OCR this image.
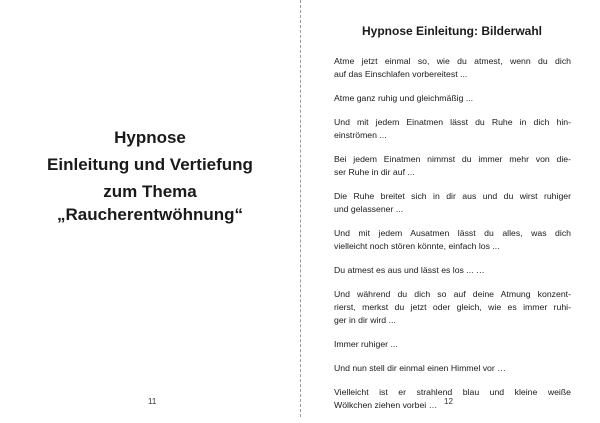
Hypnose
Einleitung und Vertiefung
zum Thema
„Raucherentwöhnung“
11
Hypnose Einleitung: Bilderwahl

Atme jetzt einmal so, wie du atmest, wenn du dich
auf das Einschlafen vorbereitest ...

Atme ganz ruhig und gleichmäßig ...

Und mit jedem Einatmen lässt du Ruhe in dich hin-
einströmen ...

Bei jedem Einatmen nimmst du immer mehr von die-
ser Ruhe in dir auf ...

Die Ruhe breitet sich in dir aus und du wirst ruhiger
und gelassener ...

Und mit jedem Ausatmen lässt du alles, was dich
vielleicht noch stören könnte, einfach los ...

Du atmest es aus und lässt es los ... …

Und während du dich so auf deine Atmung konzent-
rierst, merkst du jetzt oder gleich, wie es immer ruhi-
ger in dir wird ...

Immer ruhiger ...

Und nun stell dir einmal einen Himmel vor …

Vielleicht ist er strahlend blau und kleine weiße
Wölkchen ziehen vorbei … 12
